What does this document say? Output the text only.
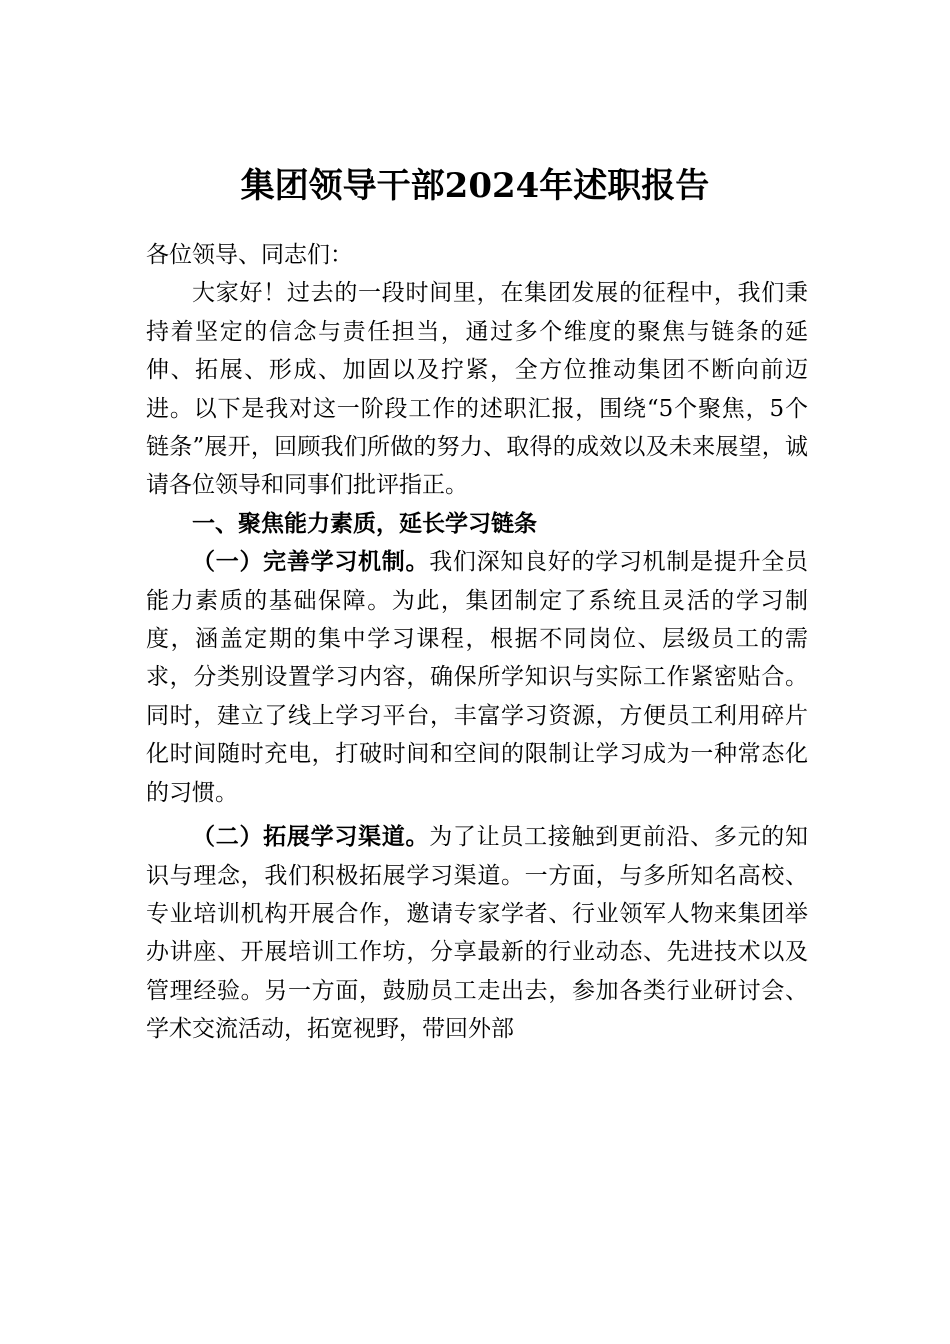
集团领导干部2024年述职报告

各位领导、同志们：

大家好！过去的一段时间里，在集团发展的征程中，我们秉持着坚定的信念与责任担当，通过多个维度的聚焦与链条的延伸、拓展、形成、加固以及拧紧，全方位推动集团不断向前迈进。以下是我对这一阶段工作的述职汇报，围绕“5个聚焦，5个链条”展开，回顾我们所做的努力、取得的成效以及未来展望，诚请各位领导和同事们批评指正。

一、聚焦能力素质，延长学习链条

（一）完善学习机制。我们深知良好的学习机制是提升全员能力素质的基础保障。为此，集团制定了系统且灵活的学习制度，涵盖定期的集中学习课程，根据不同岗位、层级员工的需求，分类别设置学习内容，确保所学知识与实际工作紧密贴合。同时，建立了线上学习平台，丰富学习资源，方便员工利用碎片化时间随时充电，打破时间和空间的限制让学习成为一种常态化的习惯。

（二）拓展学习渠道。为了让员工接触到更前沿、多元的知识与理念，我们积极拓展学习渠道。一方面，与多所知名高校、专业培训机构开展合作，邀请专家学者、行业领军人物来集团举办讲座、开展培训工作坊，分享最新的行业动态、先进技术以及管理经验。另一方面，鼓励员工走出去，参加各类行业研讨会、学术交流活动，拓宽视野，带回外部
